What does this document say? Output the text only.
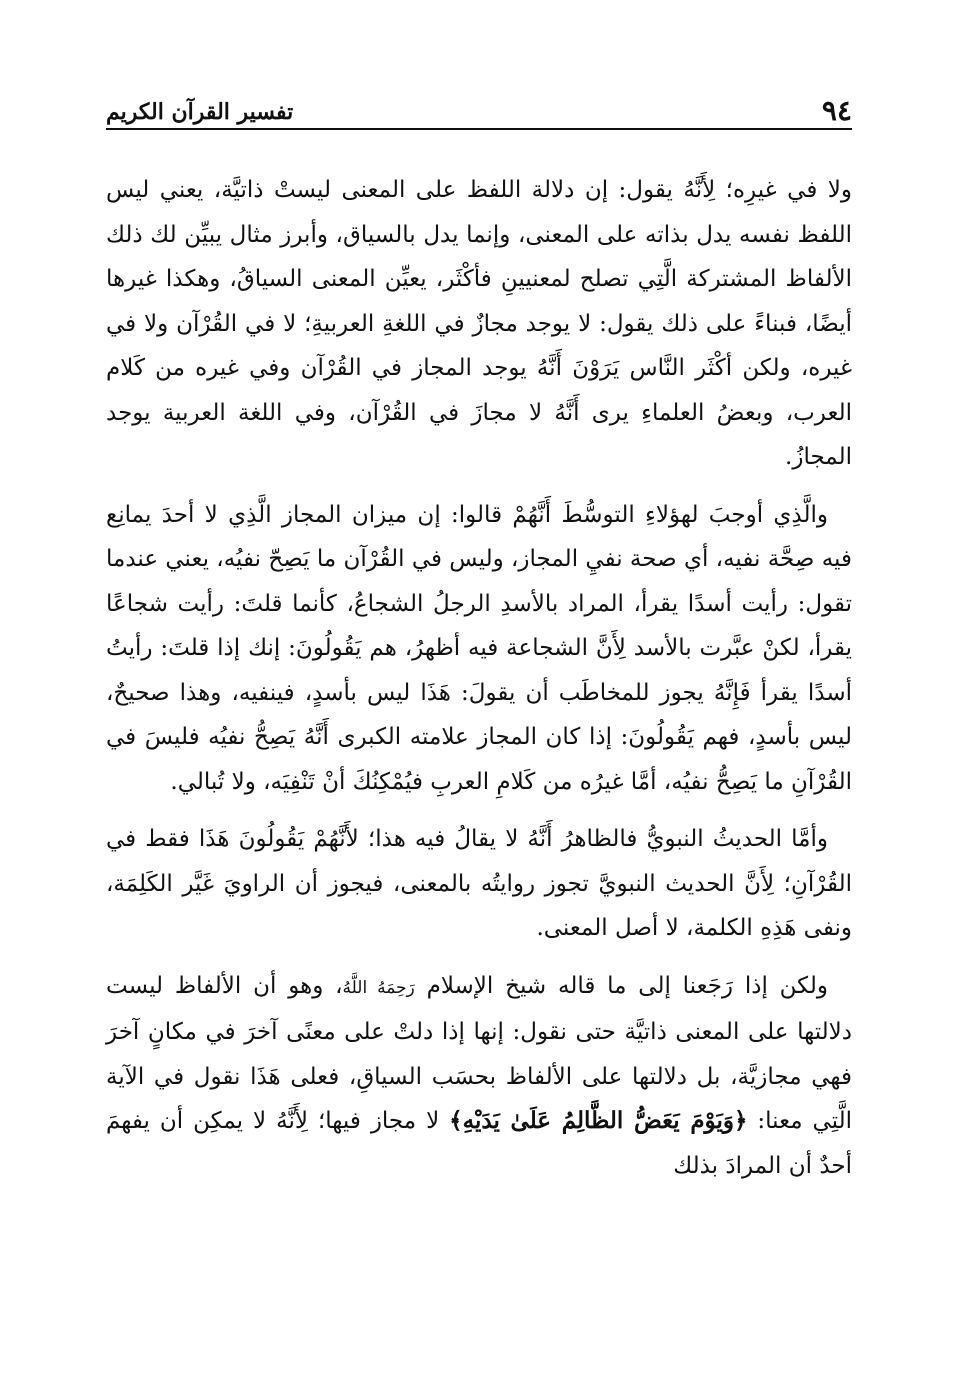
تفسير القرآن الكريم	٩٤

ولا في غيرِه؛ لِأَنَّهُ يقول: إن دلالة اللفظ على المعنى ليستْ ذاتيَّة، يعني ليس اللفظ نفسه يدل بذاته على المعنى، وإنما يدل بالسياق، وأبرز مثال يبيِّن لك ذلك الألفاظ المشتركة الَّتِي تصلح لمعنيينِ فأكْثَر، يعيِّن المعنى السياقُ، وهكذا غيرها أيضًا، فبناءً على ذلك يقول: لا يوجد مجازٌ في اللغةِ العربيةِ؛ لا في القُرْآن ولا في غيره، ولكن أكْثَر النَّاس يَرَوْنَ أَنَّهُ يوجد المجاز في القُرْآن وفي غيره من كَلام العرب، وبعضُ العلماءِ يرى أَنَّهُ لا مجازَ في القُرْآن، وفي اللغة العربية يوجد المجازُ.

والَّذِي أوجبَ لهؤلاءِ التوسُّطَ أَنَّهُمْ قالوا: إن ميزان المجاز الَّذِي لا أحدَ يمانِع فيه صِحَّة نفيه، أي صحة نفيِ المجاز، وليس في القُرْآن ما يَصِحّ نفيُه، يعني عندما تقول: رأيت أسدًا يقرأ، المراد بالأسدِ الرجلُ الشجاعُ، كأنما قلتَ: رأيت شجاعًا يقرأ، لكنْ عبَّرت بالأسد لِأَنَّ الشجاعة فيه أظهرُ، هم يَقُولُونَ: إنك إذا قلتَ: رأيتُ أسدًا يقرأ فَإِنَّهُ يجوز للمخاطَب أن يقولَ: هَذَا ليس بأسدٍ، فينفيه، وهذا صحيحٌ، ليس بأسدٍ، فهم يَقُولُونَ: إذا كان المجاز علامته الكبرى أَنَّهُ يَصِحُّ نفيُه فليسَ في القُرْآنِ ما يَصِحُّ نفيُه، أمَّا غيرُه من كَلامِ العربِ فيُمْكِنُكَ أنْ تَنْفِيَه، ولا تُبالي.

وأمَّا الحديثُ النبويُّ فالظاهرُ أَنَّهُ لا يقالُ فيه هذا؛ لأَنَّهُمْ يَقُولُونَ هَذَا فقط في القُرْآنِ؛ لِأَنَّ الحديث النبويَّ تجوز روايتُه بالمعنى، فيجوز أن الراويَ غَيَّر الكَلِمَة، ونفى هَذِهِ الكلمة، لا أصل المعنى.

ولكن إذا رَجَعنا إلى ما قاله شيخ الإسلام رَحِمَهُ اللَّهُ، وهو أن الألفاظ ليست دلالتها على المعنى ذاتيَّة حتى نقول: إنها إذا دلتْ على معنًى آخرَ في مكانٍ آخرَ فهي مجازيَّة، بل دلالتها على الألفاظ بحسَب السياقِ، فعلى هَذَا نقول في الآية الَّتِي معنا: ﴿وَيَوْمَ يَعَضُّ الظَّالِمُ عَلَىٰ يَدَيْهِ﴾ لا مجاز فيها؛ لِأَنَّهُ لا يمكِن أن يفهمَ أحدٌ أن المرادَ بذلك
